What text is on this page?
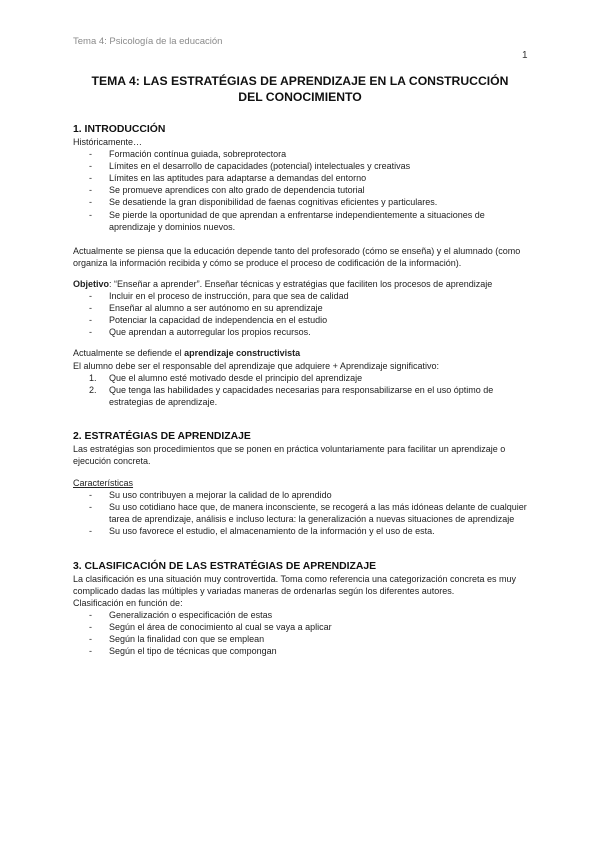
Tema 4: Psicología de la educación
1
TEMA 4: LAS ESTRATÉGIAS DE APRENDIZAJE EN LA CONSTRUCCIÓN
DEL CONOCIMIENTO
1. INTRODUCCIÓN

Históricamente…

- Formación contínua guiada, sobreprotectora
- Límites en el desarrollo de capacidades (potencial) intelectuales y creativas
- Límites en las aptitudes para adaptarse a demandas del entorno
- Se promueve aprendices con alto grado de dependencia tutorial
- Se desatiende la gran disponibilidad de faenas cognitivas eficientes y particulares.
- Se pierde la oportunidad de que aprendan a enfrentarse independientemente a situaciones de aprendizaje y dominios nuevos.

Actualmente se piensa que la educación depende tanto del profesorado (cómo se enseña) y el alumnado (como organiza la información recibida y cómo se produce el proceso de codificación de la información).

Objetivo: “Enseñar a aprender”. Enseñar técnicas y estratégias que faciliten los procesos de aprendizaje

- Incluir en el proceso de instrucción, para que sea de calidad
- Enseñar al alumno a ser autónomo en su aprendizaje
- Potenciar la capacidad de independencia en el estudio
- Que aprendan a autorregular los propios recursos.

Actualmente se defiende el aprendizaje constructivista

El alumno debe ser el responsable del aprendizaje que adquiere + Aprendizaje significativo:

1. Que el alumno esté motivado desde el principio del aprendizaje
2. Que tenga las habilidades y capacidades necesarias para responsabilizarse en el uso óptimo de estrategias de aprendizaje.
2. ESTRATÉGIAS DE APRENDIZAJE

Las estratégias son procedimientos que se ponen en práctica voluntariamente para facilitar un aprendizaje o ejecución concreta.

Características

- Su uso contribuyen a mejorar la calidad de lo aprendido
- Su uso cotidiano hace que, de manera inconsciente, se recogerá a las más idóneas delante de cualquier tarea de aprendizaje, análisis e incluso lectura: la generalización a nuevas situaciones de aprendizaje
- Su uso favorece el estudio, el almacenamiento de la información y el uso de esta.
3. CLASIFICACIÓN DE LAS ESTRATÉGIAS DE APRENDIZAJE

La clasificación es una situación muy controvertida. Toma como referencia una categorización concreta es muy complicado dadas las múltiples y variadas maneras de ordenarlas según los diferentes autores.

Clasificación en función de:

- Generalización o especificación de estas
- Según el área de conocimiento al cual se vaya a aplicar
- Según la finalidad con que se emplean
- Según el tipo de técnicas que compongan
